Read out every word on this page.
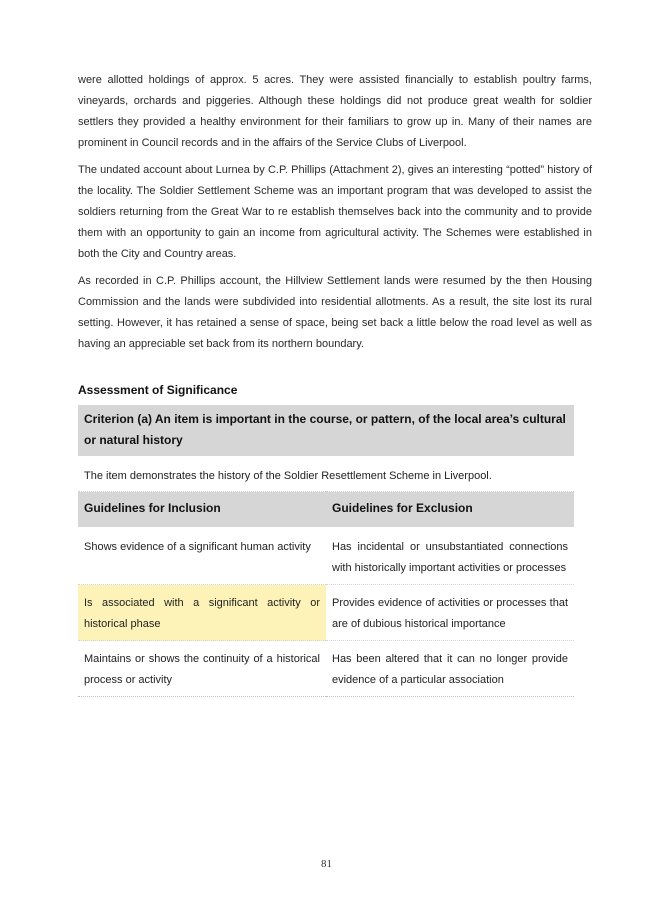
were allotted holdings of approx. 5 acres. They were assisted financially to establish poultry farms, vineyards, orchards and piggeries. Although these holdings did not produce great wealth for soldier settlers they provided a healthy environment for their familiars to grow up in. Many of their names are prominent in Council records and in the affairs of the Service Clubs of Liverpool.

The undated account about Lurnea by C.P. Phillips (Attachment 2), gives an interesting “potted” history of the locality. The Soldier Settlement Scheme was an important program that was developed to assist the soldiers returning from the Great War to re establish themselves back into the community and to provide them with an opportunity to gain an income from agricultural activity. The Schemes were established in both the City and Country areas.

As recorded in C.P. Phillips account, the Hillview Settlement lands were resumed by the then Housing Commission and the lands were subdivided into residential allotments. As a result, the site lost its rural setting. However, it has retained a sense of space, being set back a little below the road level as well as having an appreciable set back from its northern boundary.

Assessment of Significance
Criterion (a) An item is important in the course, or pattern, of the local area’s cultural or natural history	
The item demonstrates the history of the Soldier Resettlement Scheme in Liverpool.	
Guidelines for Inclusion	Guidelines for Exclusion
Shows evidence of a significant human activity	Has incidental or unsubstantiated connections with historically important activities or processes
Is associated with a significant activity or historical phase	Provides evidence of activities or processes that are of dubious historical importance
Maintains or shows the continuity of a historical process or activity	Has been altered that it can no longer provide evidence of a particular association
81
